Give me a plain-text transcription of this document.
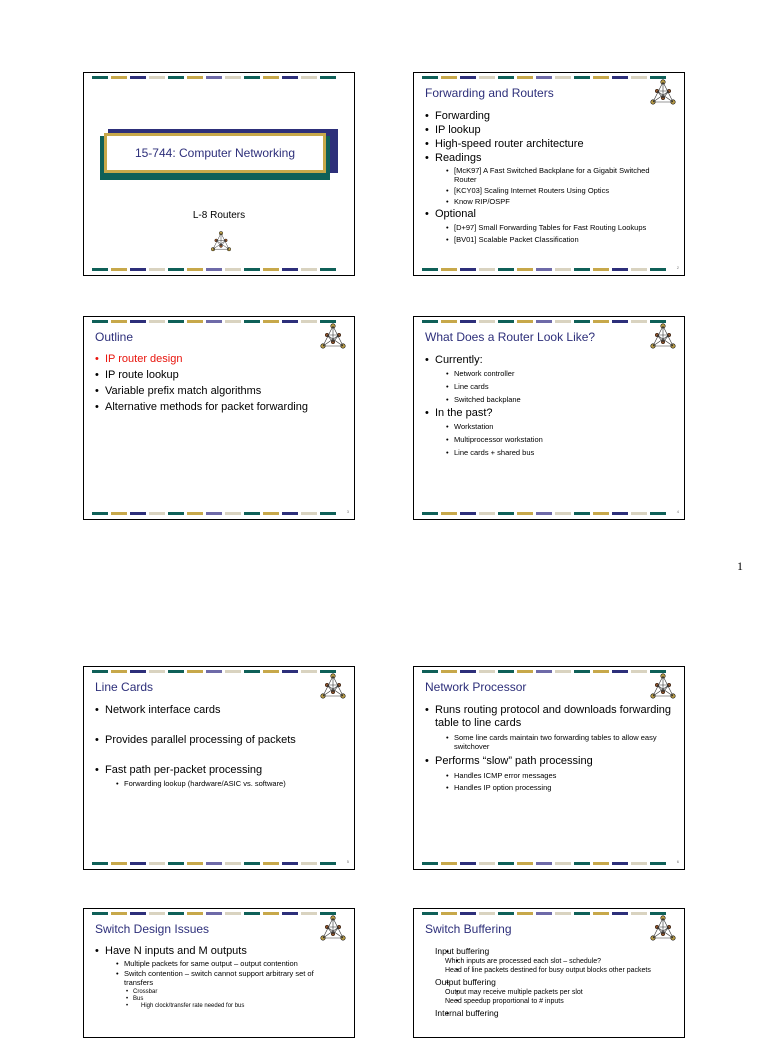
15-744: Computer Networking
L-8 Routers
Forwarding and Routers
• Forwarding
• IP lookup
• High-speed router architecture
• Readings
• [McK97] A Fast Switched Backplane for a Gigabit Switched Router
• [KCY03] Scaling Internet Routers Using Optics
• Know RIP/OSPF
• Optional
• [D+97] Small Forwarding Tables for Fast Routing Lookups
• [BV01] Scalable Packet Classification
2
Outline
• IP router design
• IP route lookup
• Variable prefix match algorithms
• Alternative methods for packet forwarding
3
What Does a Router Look Like?
• Currently:
• Network controller
• Line cards
• Switched backplane
• In the past?
• Workstation
• Multiprocessor workstation
• Line cards + shared bus
4
1
Line Cards
• Network interface cards
• Provides parallel processing of packets
• Fast path per-packet processing
• Forwarding lookup (hardware/ASIC vs. software)
5
Network Processor
• Runs routing protocol and downloads forwarding table to line cards
• Some line cards maintain two forwarding tables to allow easy switchover
• Performs “slow” path processing
• Handles ICMP error messages
• Handles IP option processing
6
Switch Design Issues
• Have N inputs and M outputs
• Multiple packets for same output – output contention
• Switch contention – switch cannot support arbitrary set of transfers
• Crossbar
• Bus
• High clock/transfer rate needed for bus
Switch Buffering
• Input buffering
• Which inputs are processed each slot – schedule?
• Head of line packets destined for busy output blocks other packets
• Output buffering
• Output may receive multiple packets per slot
• Need speedup proportional to # inputs
• Internal buffering
